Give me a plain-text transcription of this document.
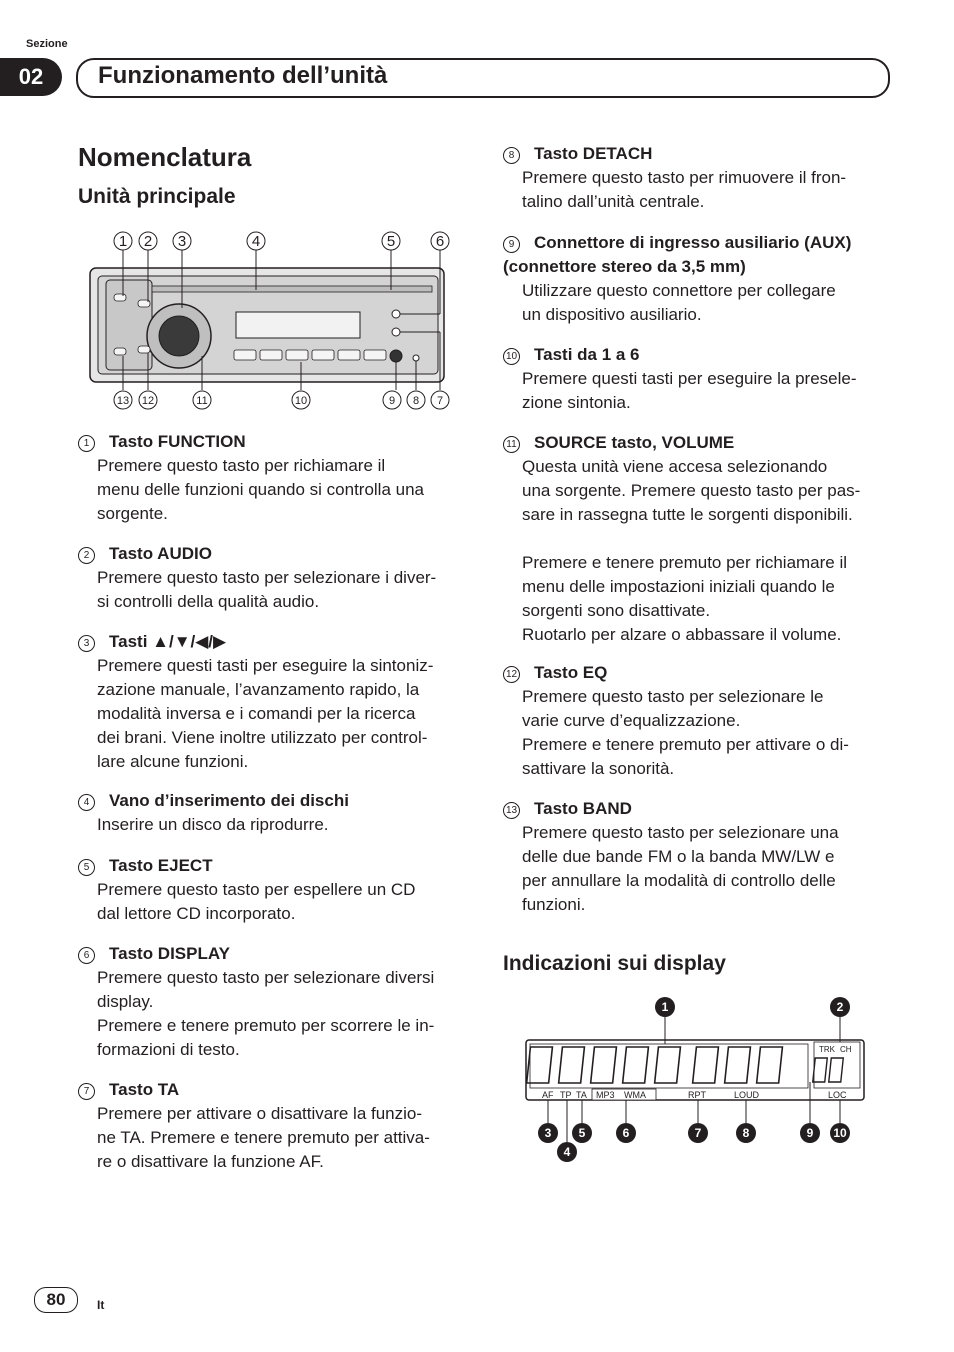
Sezione
02	Funzionamento dell’unità
Nomenclatura
Unità principale
1 2 3	4	5	6
13 12	11	10	9 8 7
1	Tasto FUNCTION
Premere questo tasto per richiamare il
menu delle funzioni quando si controlla una
sorgente.
2	Tasto AUDIO
Premere questo tasto per selezionare i diver-
si controlli della qualità audio.
3	Tasti ▲/▼/◀/▶
Premere questi tasti per eseguire la sintoniz-
zazione manuale, l’avanzamento rapido, la
modalità inversa e i comandi per la ricerca
dei brani. Viene inoltre utilizzato per control-
lare alcune funzioni.
4	Vano d’inserimento dei dischi
Inserire un disco da riprodurre.
5	Tasto EJECT
Premere questo tasto per espellere un CD
dal lettore CD incorporato.
6	Tasto DISPLAY
Premere questo tasto per selezionare diversi
display.
Premere e tenere premuto per scorrere le in-
formazioni di testo.
7	Tasto TA
Premere per attivare o disattivare la funzio-
ne TA. Premere e tenere premuto per attiva-
re o disattivare la funzione AF.
8	Tasto DETACH
Premere questo tasto per rimuovere il fron-
talino dall’unità centrale.
9	Connettore di ingresso ausiliario (AUX)
(connettore stereo da 3,5 mm)
Utilizzare questo connettore per collegare
un dispositivo ausiliario.
10 Tasti da 1 a 6
Premere questi tasti per eseguire la presele-
zione sintonia.
11	SOURCE tasto, VOLUME
Questa unità viene accesa selezionando
una sorgente. Premere questo tasto per pas-
sare in rassegna tutte le sorgenti disponibili.

Premere e tenere premuto per richiamare il
menu delle impostazioni iniziali quando le
sorgenti sono disattivate.
Ruotarlo per alzare o abbassare il volume.
12 Tasto EQ
Premere questo tasto per selezionare le
varie curve d’equalizzazione.
Premere e tenere premuto per attivare o di-
sattivare la sonorità.
13 Tasto BAND
Premere questo tasto per selezionare una
delle due bande FM o la banda MW/LW e
per annullare la modalità di controllo delle
funzioni.
Indicazioni sui display
1	2
3
4
5	6	7	8	9 10
AF TP TA MP3 WMA	RPT	LOUD	LOC
TRK CH
80	It
